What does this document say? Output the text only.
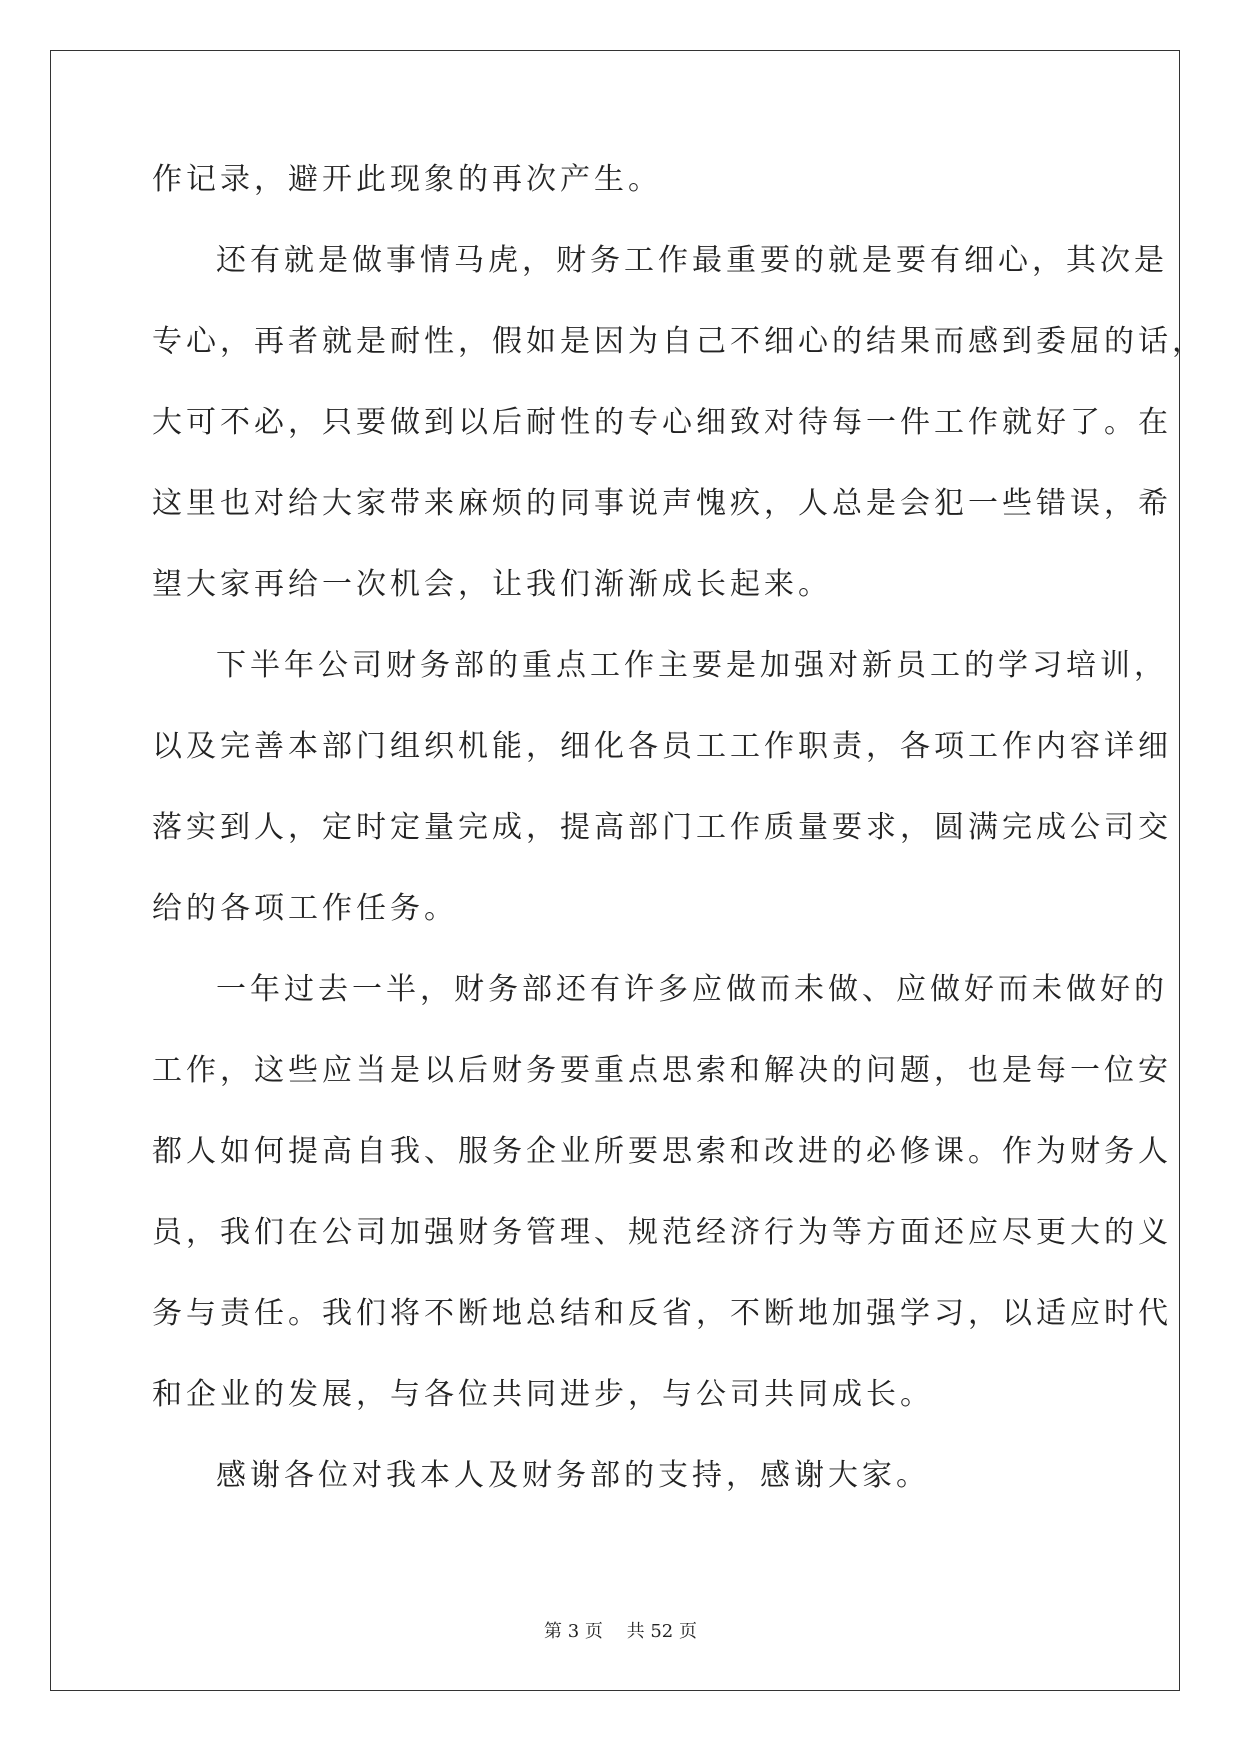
作记录，避开此现象的再次产生。
还有就是做事情马虎，财务工作最重要的就是要有细心，其次是
专心，再者就是耐性，假如是因为自己不细心的结果而感到委屈的话，
大可不必，只要做到以后耐性的专心细致对待每一件工作就好了。在
这里也对给大家带来麻烦的同事说声愧疚，人总是会犯一些错误，希
望大家再给一次机会，让我们渐渐成长起来。
下半年公司财务部的重点工作主要是加强对新员工的学习培训，
以及完善本部门组织机能，细化各员工工作职责，各项工作内容详细
落实到人，定时定量完成，提高部门工作质量要求，圆满完成公司交
给的各项工作任务。
一年过去一半，财务部还有许多应做而未做、应做好而未做好的
工作，这些应当是以后财务要重点思索和解决的问题，也是每一位安
都人如何提高自我、服务企业所要思索和改进的必修课。作为财务人
员，我们在公司加强财务管理、规范经济行为等方面还应尽更大的义
务与责任。我们将不断地总结和反省，不断地加强学习，以适应时代
和企业的发展，与各位共同进步，与公司共同成长。
感谢各位对我本人及财务部的支持，感谢大家。
第 3 页　 共 52 页
